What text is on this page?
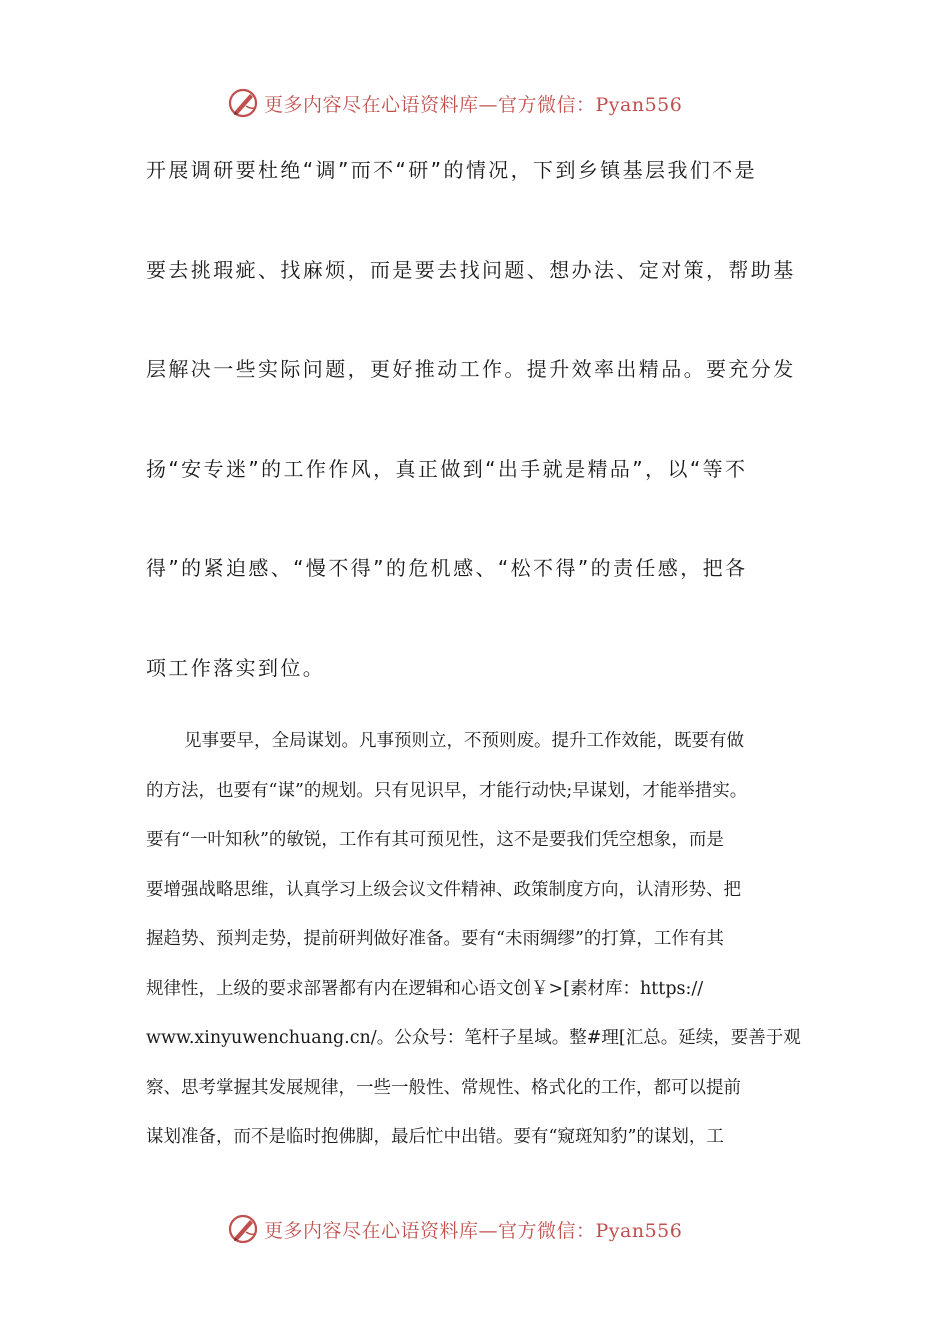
更多内容尽在心语资料库—官方微信：Pyan556
开展调研要杜绝“调”而不“研”的情况，下到乡镇基层我们不是
要去挑瑕疵、找麻烦，而是要去找问题、想办法、定对策，帮助基
层解决一些实际问题，更好推动工作。提升效率出精品。要充分发
扬“安专迷”的工作作风，真正做到“出手就是精品”，以“等不
得”的紧迫感、“慢不得”的危机感、“松不得”的责任感，把各
项工作落实到位。
见事要早，全局谋划。凡事预则立，不预则废。提升工作效能，既要有做
的方法，也要有“谋”的规划。只有见识早，才能行动快;早谋划，才能举措实。
要有“一叶知秋”的敏锐，工作有其可预见性，这不是要我们凭空想象，而是
要增强战略思维，认真学习上级会议文件精神、政策制度方向，认清形势、把
握趋势、预判走势，提前研判做好准备。要有“未雨绸缪”的打算，工作有其
规律性，上级的要求部署都有内在逻辑和心语文创￥>[素材库：https://
www.xinyuwenchuang.cn/。公众号：笔杆子星域。整#理[汇总。延续，要善于观
察、思考掌握其发展规律，一些一般性、常规性、格式化的工作，都可以提前
谋划准备，而不是临时抱佛脚，最后忙中出错。要有“窥斑知豹”的谋划，工
更多内容尽在心语资料库—官方微信：Pyan556
